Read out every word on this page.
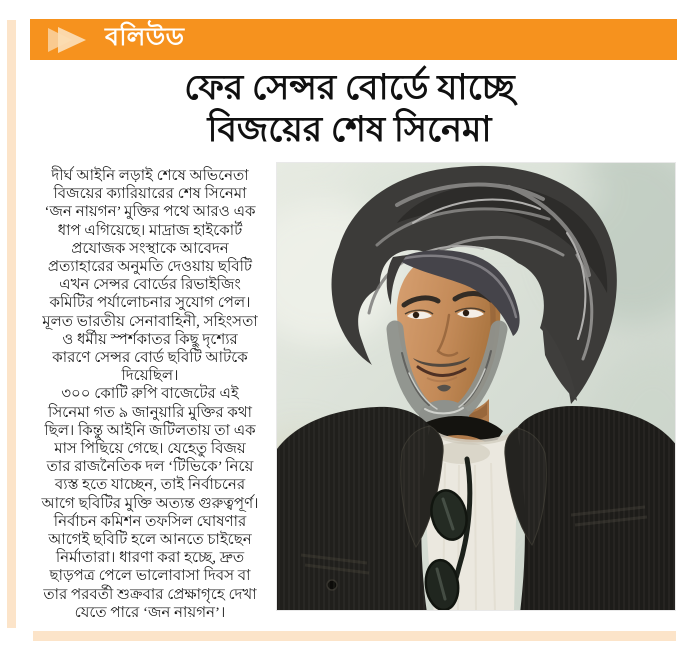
বলিউড
ফের সেন্সর বোর্ডে যাচ্ছে
বিজয়ের শেষ সিনেমা
দীর্ঘ আইনি লড়াই শেষে অভিনেতা
বিজয়ের ক্যারিয়ারের শেষ সিনেমা
‘জন নায়গন’ মুক্তির পথে আরও এক
ধাপ এগিয়েছে। মাদ্রাজ হাইকোর্ট
প্রযোজক সংস্থাকে আবেদন
প্রত্যাহারের অনুমতি দেওয়ায় ছবিটি
এখন সেন্সর বোর্ডের রিভাইজিং
কমিটির পর্যালোচনার সুযোগ পেল।
মূলত ভারতীয় সেনাবাহিনী, সহিংসতা
ও ধর্মীয় স্পর্শকাতর কিছু দৃশ্যের
কারণে সেন্সর বোর্ড ছবিটি আটকে
দিয়েছিল।
৩০০ কোটি রুপি বাজেটের এই
সিনেমা গত ৯ জানুয়ারি মুক্তির কথা
ছিল। কিন্তু আইনি জটিলতায় তা এক
মাস পিছিয়ে গেছে। যেহেতু বিজয়
তার রাজনৈতিক দল ‘টিভিকে’ নিয়ে
ব্যস্ত হতে যাচ্ছেন, তাই নির্বাচনের
আগে ছবিটির মুক্তি অত্যন্ত গুরুত্বপূর্ণ।
নির্বাচন কমিশন তফসিল ঘোষণার
আগেই ছবিটি হলে আনতে চাইছেন
নির্মাতারা। ধারণা করা হচ্ছে, দ্রুত
ছাড়পত্র পেলে ভালোবাসা দিবস বা
তার পরবর্তী শুক্রবার প্রেক্ষাগৃহে দেখা
যেতে পারে ‘জন নায়গন’।
